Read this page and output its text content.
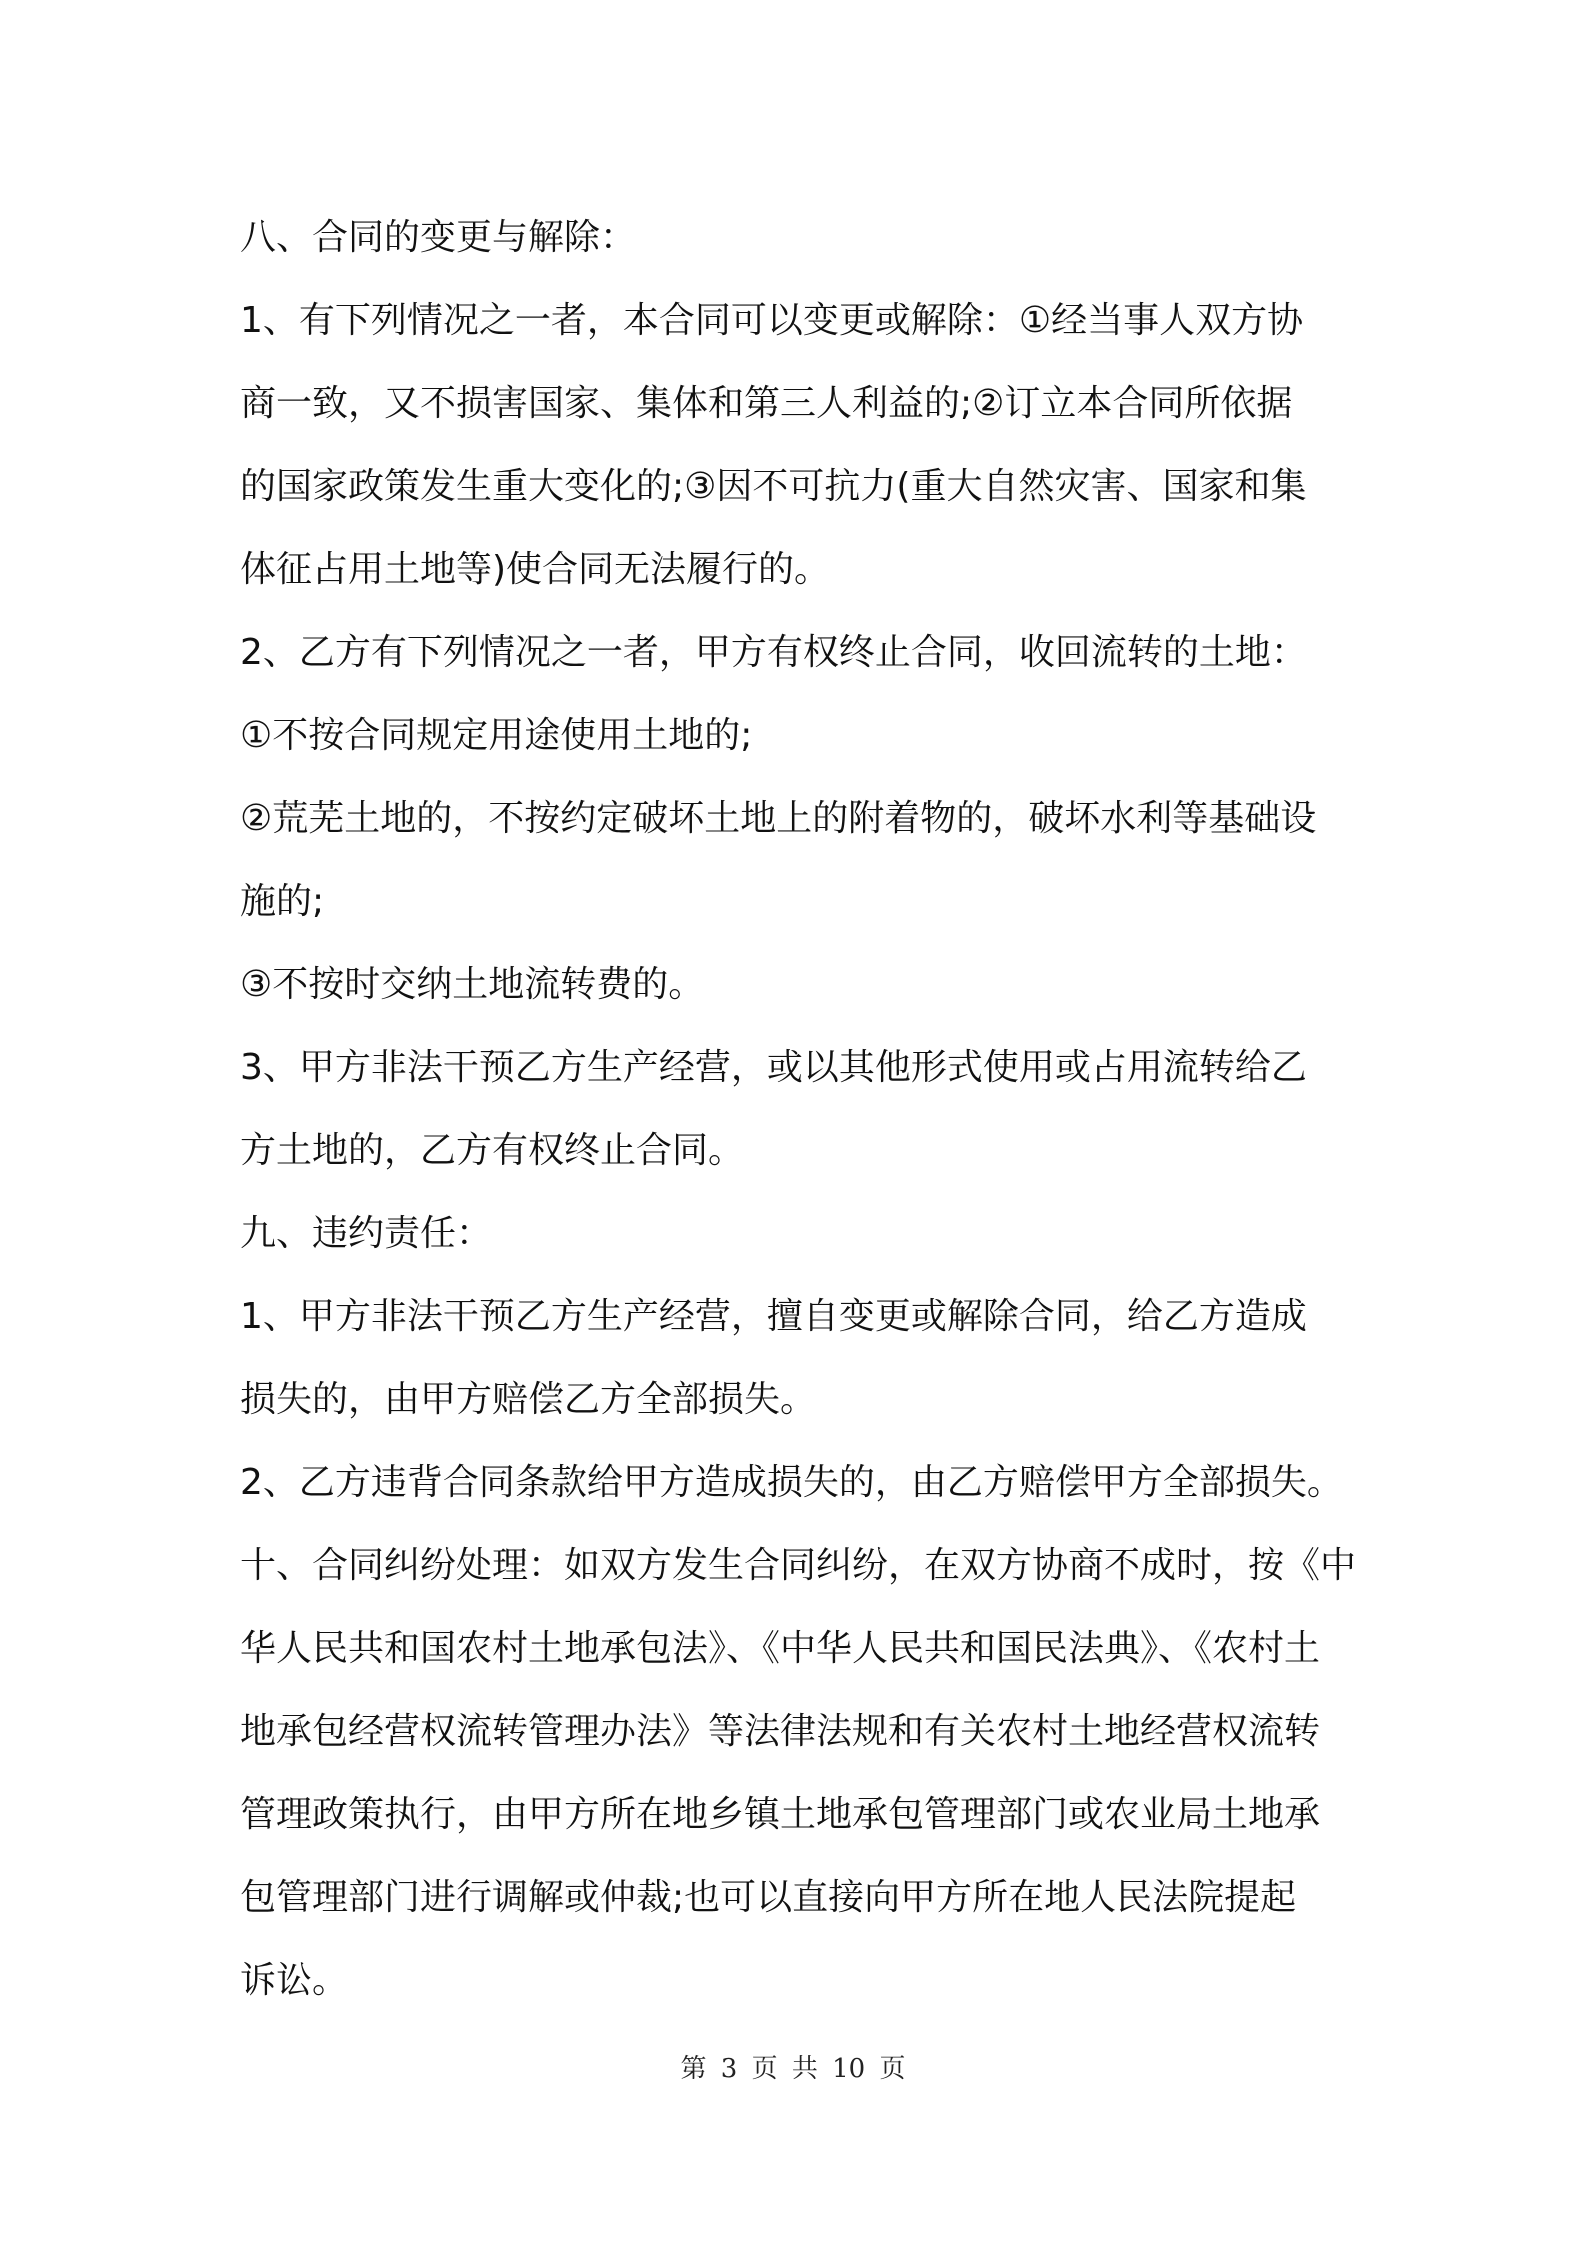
八、合同的变更与解除：

1、有下列情况之一者，本合同可以变更或解除：①经当事人双方协

商一致，又不损害国家、集体和第三人利益的;②订立本合同所依据

的国家政策发生重大变化的;③因不可抗力(重大自然灾害、国家和集

体征占用土地等)使合同无法履行的。

2、乙方有下列情况之一者，甲方有权终止合同，收回流转的土地：

①不按合同规定用途使用土地的;

②荒芜土地的，不按约定破坏土地上的附着物的，破坏水利等基础设

施的;

③不按时交纳土地流转费的。

3、甲方非法干预乙方生产经营，或以其他形式使用或占用流转给乙

方土地的，乙方有权终止合同。

九、违约责任：

1、甲方非法干预乙方生产经营，擅自变更或解除合同，给乙方造成

损失的，由甲方赔偿乙方全部损失。

2、乙方违背合同条款给甲方造成损失的，由乙方赔偿甲方全部损失。

十、合同纠纷处理：如双方发生合同纠纷，在双方协商不成时，按《中

华人民共和国农村土地承包法》、《中华人民共和国民法典》、《农村土

地承包经营权流转管理办法》等法律法规和有关农村土地经营权流转

管理政策执行，由甲方所在地乡镇土地承包管理部门或农业局土地承

包管理部门进行调解或仲裁;也可以直接向甲方所在地人民法院提起

诉讼。

第 3 页 共 10 页
